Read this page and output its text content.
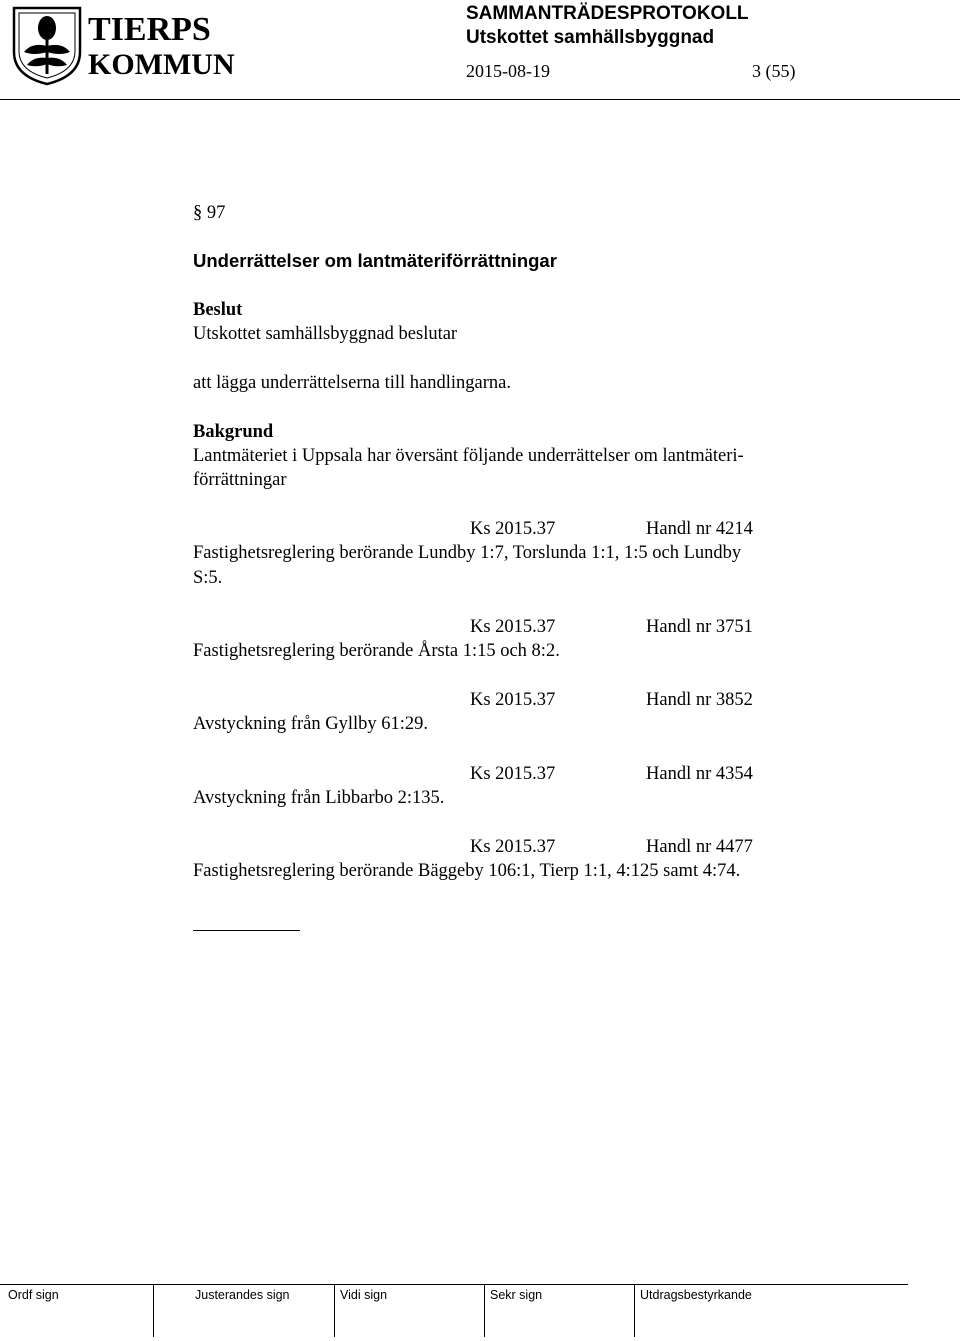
TIERPS
KOMMUN
SAMMANTRÄDESPROTOKOLL
Utskottet samhällsbyggnad
2015-08-19	3 (55)
§ 97
Underrättelser om lantmäteriförrättningar
Beslut
Utskottet samhällsbyggnad beslutar
att lägga underrättelserna till handlingarna.
Bakgrund
Lantmäteriet i Uppsala har översänt följande underrättelser om lantmäteri-
förrättningar
Ks 2015.37	Handl nr 4214
Fastighetsreglering berörande Lundby 1:7, Torslunda 1:1, 1:5 och Lundby
S:5.
Ks 2015.37	Handl nr 3751
Fastighetsreglering berörande Årsta 1:15 och 8:2.
Ks 2015.37	Handl nr 3852
Avstyckning från Gyllby 61:29.
Ks 2015.37	Handl nr 4354
Avstyckning från Libbarbo 2:135.
Ks 2015.37	Handl nr 4477
Fastighetsreglering berörande Bäggeby 106:1, Tierp 1:1, 4:125 samt 4:74.
Ordf sign	Justerandes sign	Vidi sign	Sekr sign	Utdragsbestyrkande
